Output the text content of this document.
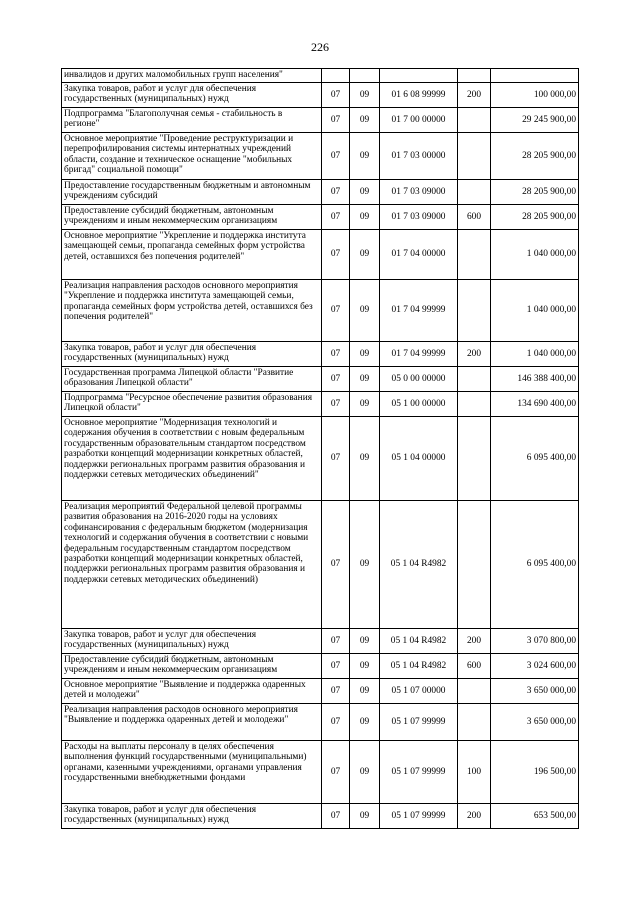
226
инвалидов и других маломобильных групп населения"					
Закупка товаров, работ и услуг для обеспечения государственных (муниципальных) нужд	07	09	01 6 08 99999	200	100 000,00
Подпрограмма "Благополучная семья - стабильность в регионе"	07	09	01 7 00 00000		29 245 900,00
Основное мероприятие "Проведение реструктуризации и перепрофилирования системы интернатных учреждений области, создание и техническое оснащение "мобильных бригад" социальной помощи"	07	09	01 7 03 00000		28 205 900,00
Предоставление государственным бюджетным и автономным учреждениям субсидий	07	09	01 7 03 09000		28 205 900,00
Предоставление субсидий бюджетным, автономным учреждениям и иным некоммерческим организациям	07	09	01 7 03 09000	600	28 205 900,00
Основное мероприятие "Укрепление и поддержка института замещающей семьи, пропаганда семейных форм устройства детей, оставшихся без попечения родителей"	07	09	01 7 04 00000		1 040 000,00
Реализация направления расходов основного мероприятия "Укрепление и поддержка института замещающей семьи, пропаганда семейных форм устройства детей, оставшихся без попечения родителей"	07	09	01 7 04 99999		1 040 000,00
Закупка товаров, работ и услуг для обеспечения государственных (муниципальных) нужд	07	09	01 7 04 99999	200	1 040 000,00
Государственная программа Липецкой области "Развитие образования Липецкой области"	07	09	05 0 00 00000		146 388 400,00
Подпрограмма "Ресурсное обеспечение развития образования Липецкой области"	07	09	05 1 00 00000		134 690 400,00
Основное мероприятие "Модернизация технологий и содержания обучения в соответствии с новым федеральным государственным образовательным стандартом посредством разработки концепций модернизации конкретных областей, поддержки региональных программ развития образования и поддержки сетевых методических объединений"	07	09	05 1 04 00000		6 095 400,00
Реализация мероприятий Федеральной целевой программы развития образования на 2016-2020 годы на условиях софинансирования с федеральным бюджетом (модернизация технологий и содержания обучения в соответствии с новыми федеральным государственным стандартом посредством разработки концепций модернизации конкретных областей, поддержки региональных программ развития образования и поддержки сетевых методических объединений)	07	09	05 1 04 R4982		6 095 400,00
Закупка товаров, работ и услуг для обеспечения государственных (муниципальных) нужд	07	09	05 1 04 R4982	200	3 070 800,00
Предоставление субсидий бюджетным, автономным учреждениям и иным некоммерческим организациям	07	09	05 1 04 R4982	600	3 024 600,00
Основное мероприятие "Выявление и поддержка одаренных детей и молодежи"	07	09	05 1 07 00000		3 650 000,00
Реализация направления расходов основного мероприятия "Выявление и поддержка одаренных детей и молодежи"	07	09	05 1 07 99999		3 650 000,00
Расходы на выплаты персоналу в целях обеспечения выполнения функций государственными (муниципальными) органами, казенными учреждениями, органами управления государственными внебюджетными фондами	07	09	05 1 07 99999	100	196 500,00
Закупка товаров, работ и услуг для обеспечения государственных (муниципальных) нужд	07	09	05 1 07 99999	200	653 500,00
